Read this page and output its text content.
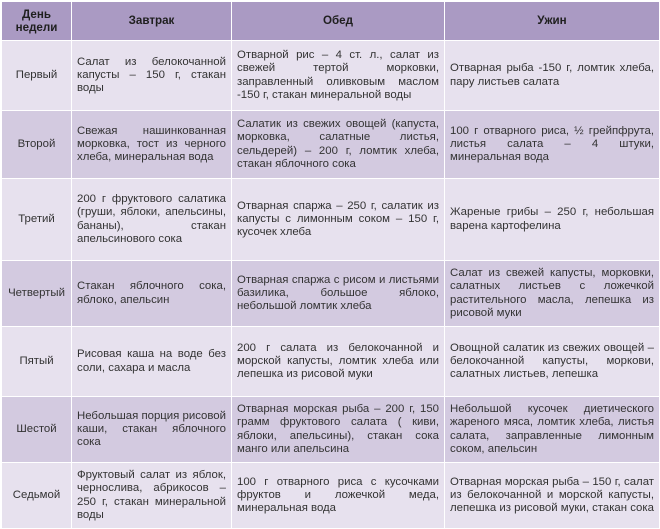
День недели	Завтрак	Обед	Ужин
Первый	Салат из белокочанной капусты – 150 г, стакан воды	Отварной рис – 4 ст. л., салат из свежей тертой морковки, заправленный оливковым маслом -150 г, стакан минеральной воды	Отварная рыба -150 г, ломтик хлеба, пару листьев салата
Второй	Свежая нашинкованная морковка, тост из черного хлеба, минеральная вода	Салатик из свежих овощей (капуста, морковка, салатные листья, сельдерей) – 200 г, ломтик хлеба, стакан яблочного сока	100 г отварного риса, ½ грейпфрута, листья салата – 4 штуки, минеральная вода
Третий	200 г фруктового салатика (груши, яблоки, апельсины, бананы), стакан апельсинового сока	Отварная спаржа – 250 г, салатик из капусты с лимонным соком – 150 г, кусочек хлеба	Жареные грибы – 250 г, небольшая варена картофелина
Четвертый	Стакан яблочного сока, яблоко, апельсин	Отварная спаржа с рисом и листьями базилика, большое яблоко, небольшой ломтик хлеба	Салат из свежей капусты, морковки, салатных листьев с ложечкой растительного масла, лепешка из рисовой муки
Пятый	Рисовая каша на воде без соли, сахара и масла	200 г салата из белокочанной и морской капусты, ломтик хлеба или лепешка из рисовой муки	Овощной салатик из свежих овощей – белокочанной капусты, моркови, салатных листьев, лепешка
Шестой	Небольшая порция рисовой каши, стакан яблочного сока	Отварная морская рыба – 200 г, 150 грамм фруктового салата ( киви, яблоки, апельсины), стакан сока манго или апельсина	Небольшой кусочек диетического жареного мяса, ломтик хлеба, листья салата, заправленные лимонным соком, апельсин
Седьмой	Фруктовый салат из яблок, чернослива, абрикосов – 250 г, стакан минеральной воды	100 г отварного риса с кусочками фруктов и ложечкой меда, минеральная вода	Отварная морская рыба – 150 г, салат из белокочанной и морской капусты, лепешка из рисовой муки, стакан сока
